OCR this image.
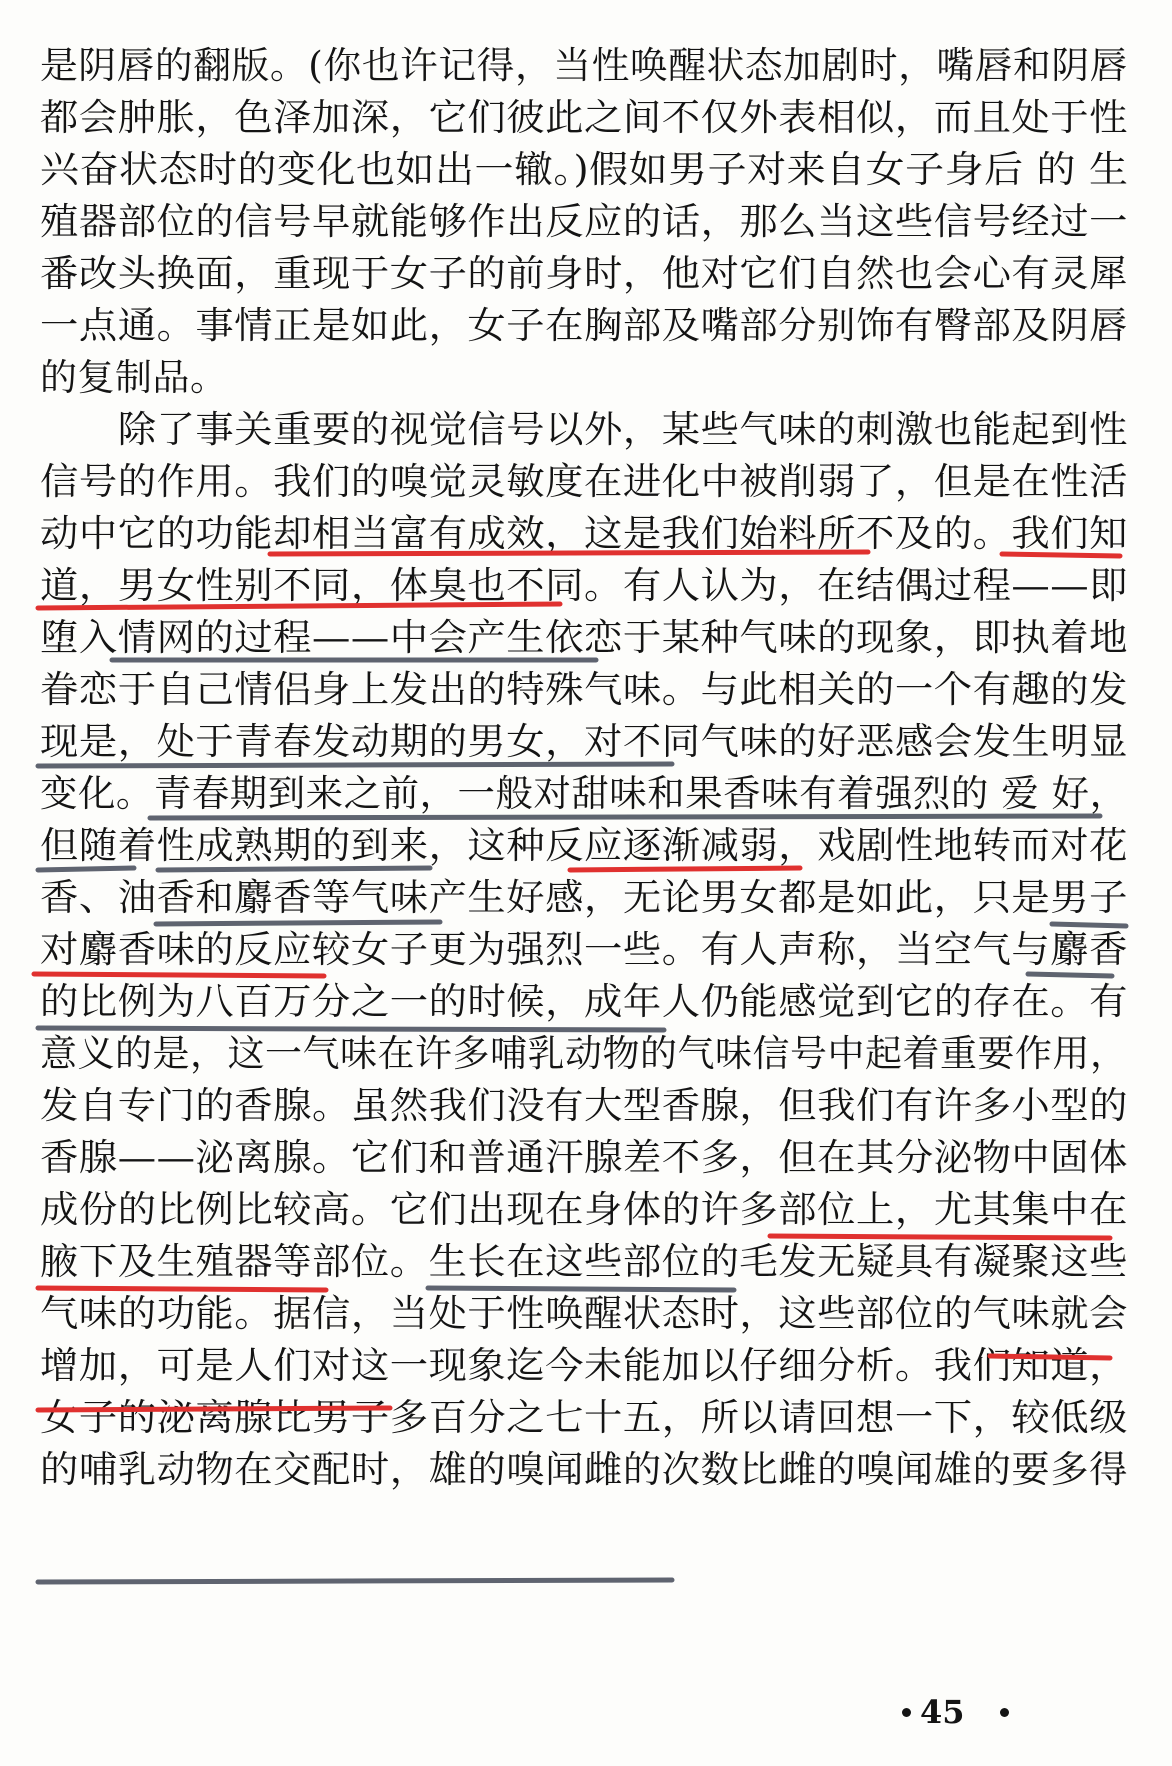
是阴唇的翻版。(你也许记得，当性唤醒状态加剧时，嘴唇和阴唇
都会肿胀，色泽加深，它们彼此之间不仅外表相似，而且处于性
兴奋状态时的变化也如出一辙。)假如男子对来自女子身后 的 生
殖器部位的信号早就能够作出反应的话，那么当这些信号经过一
番改头换面，重现于女子的前身时，他对它们自然也会心有灵犀
一点通。事情正是如此，女子在胸部及嘴部分别饰有臀部及阴唇
的复制品。
　　除了事关重要的视觉信号以外，某些气味的刺激也能起到性
信号的作用。我们的嗅觉灵敏度在进化中被削弱了，但是在性活
动中它的功能却相当富有成效，这是我们始料所不及的。我们知
道，男女性别不同，体臭也不同。有人认为，在结偶过程——即
堕入情网的过程——中会产生依恋于某种气味的现象，即执着地
眷恋于自己情侣身上发出的特殊气味。与此相关的一个有趣的发
现是，处于青春发动期的男女，对不同气味的好恶感会发生明显
变化。青春期到来之前，一般对甜味和果香味有着强烈的 爱 好，
但随着性成熟期的到来，这种反应逐渐减弱，戏剧性地转而对花
香、油香和麝香等气味产生好感，无论男女都是如此，只是男子
对麝香味的反应较女子更为强烈一些。有人声称，当空气与麝香
的比例为八百万分之一的时候，成年人仍能感觉到它的存在。有
意义的是，这一气味在许多哺乳动物的气味信号中起着重要作用，
发自专门的香腺。虽然我们没有大型香腺，但我们有许多小型的
香腺——泌离腺。它们和普通汗腺差不多，但在其分泌物中固体
成份的比例比较高。它们出现在身体的许多部位上，尤其集中在
腋下及生殖器等部位。生长在这些部位的毛发无疑具有凝聚这些
气味的功能。据信，当处于性唤醒状态时，这些部位的气味就会
增加，可是人们对这一现象迄今未能加以仔细分析。我们知道，
女子的泌离腺比男子多百分之七十五，所以请回想一下，较低级
的哺乳动物在交配时，雄的嗅闻雌的次数比雌的嗅闻雄的要多得
45
